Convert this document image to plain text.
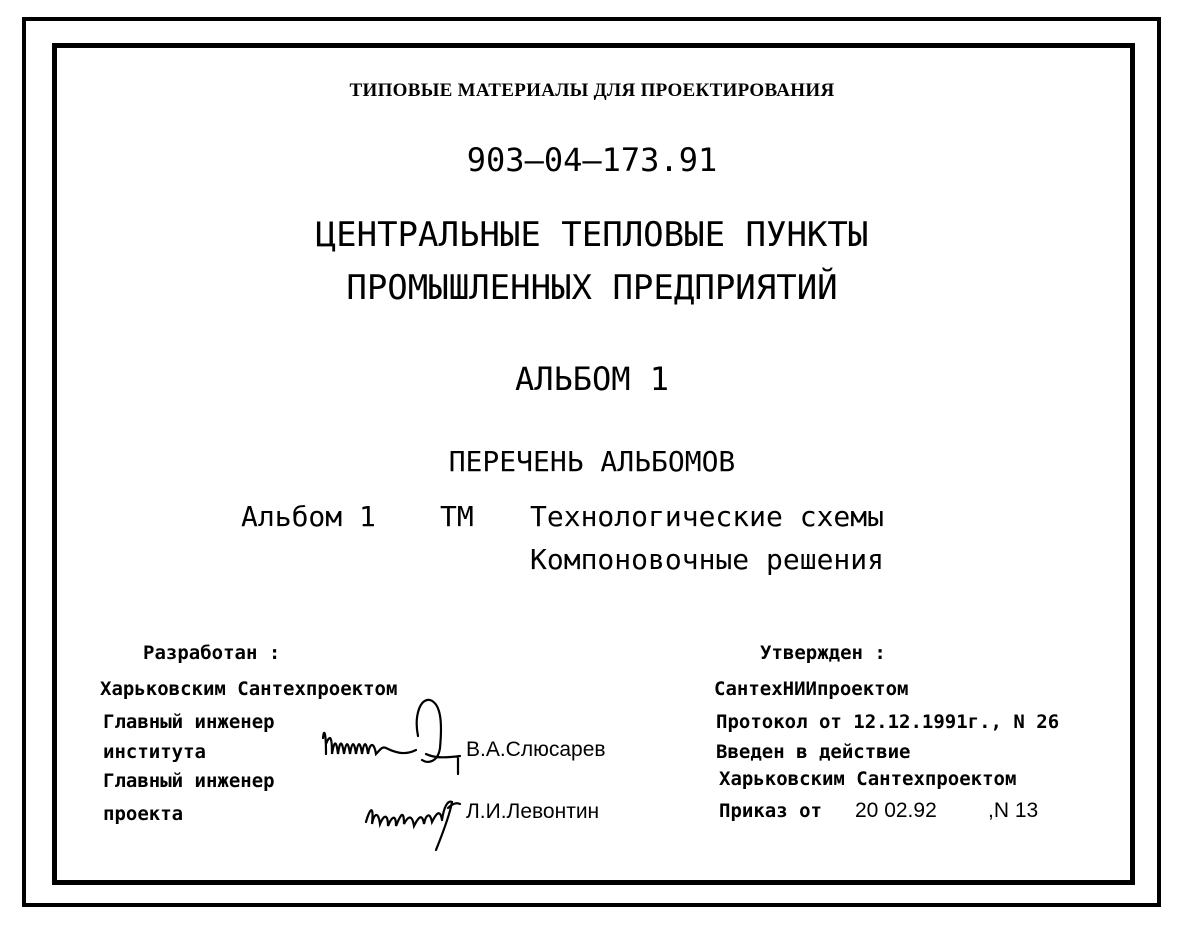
ТИПОВЫЕ МАТЕРИАЛЫ ДЛЯ ПРОЕКТИРОВАНИЯ
903–04–173.91
ЦЕНТРАЛЬНЫЕ ТЕПЛОВЫЕ ПУНКТЫ
ПРОМЫШЛЕННЫХ ПРЕДПРИЯТИЙ
АЛЬБОМ 1
ПЕРЕЧЕНЬ АЛЬБОМОВ
Альбом 1 ТМ Технологические схемы
Компоновочные решения
Разработан :
Харьковским Сантехпроектом
Главный инженер
института
Главный инженер
проекта
В.А.Слюсарев
Л.И.Левонтин
Утвержден :
СантехНИИпроектом
Протокол от 12.12.1991г., N 26
Введен в действие
Харьковским Сантехпроектом
Приказ от 20 02.92 ,N 13
